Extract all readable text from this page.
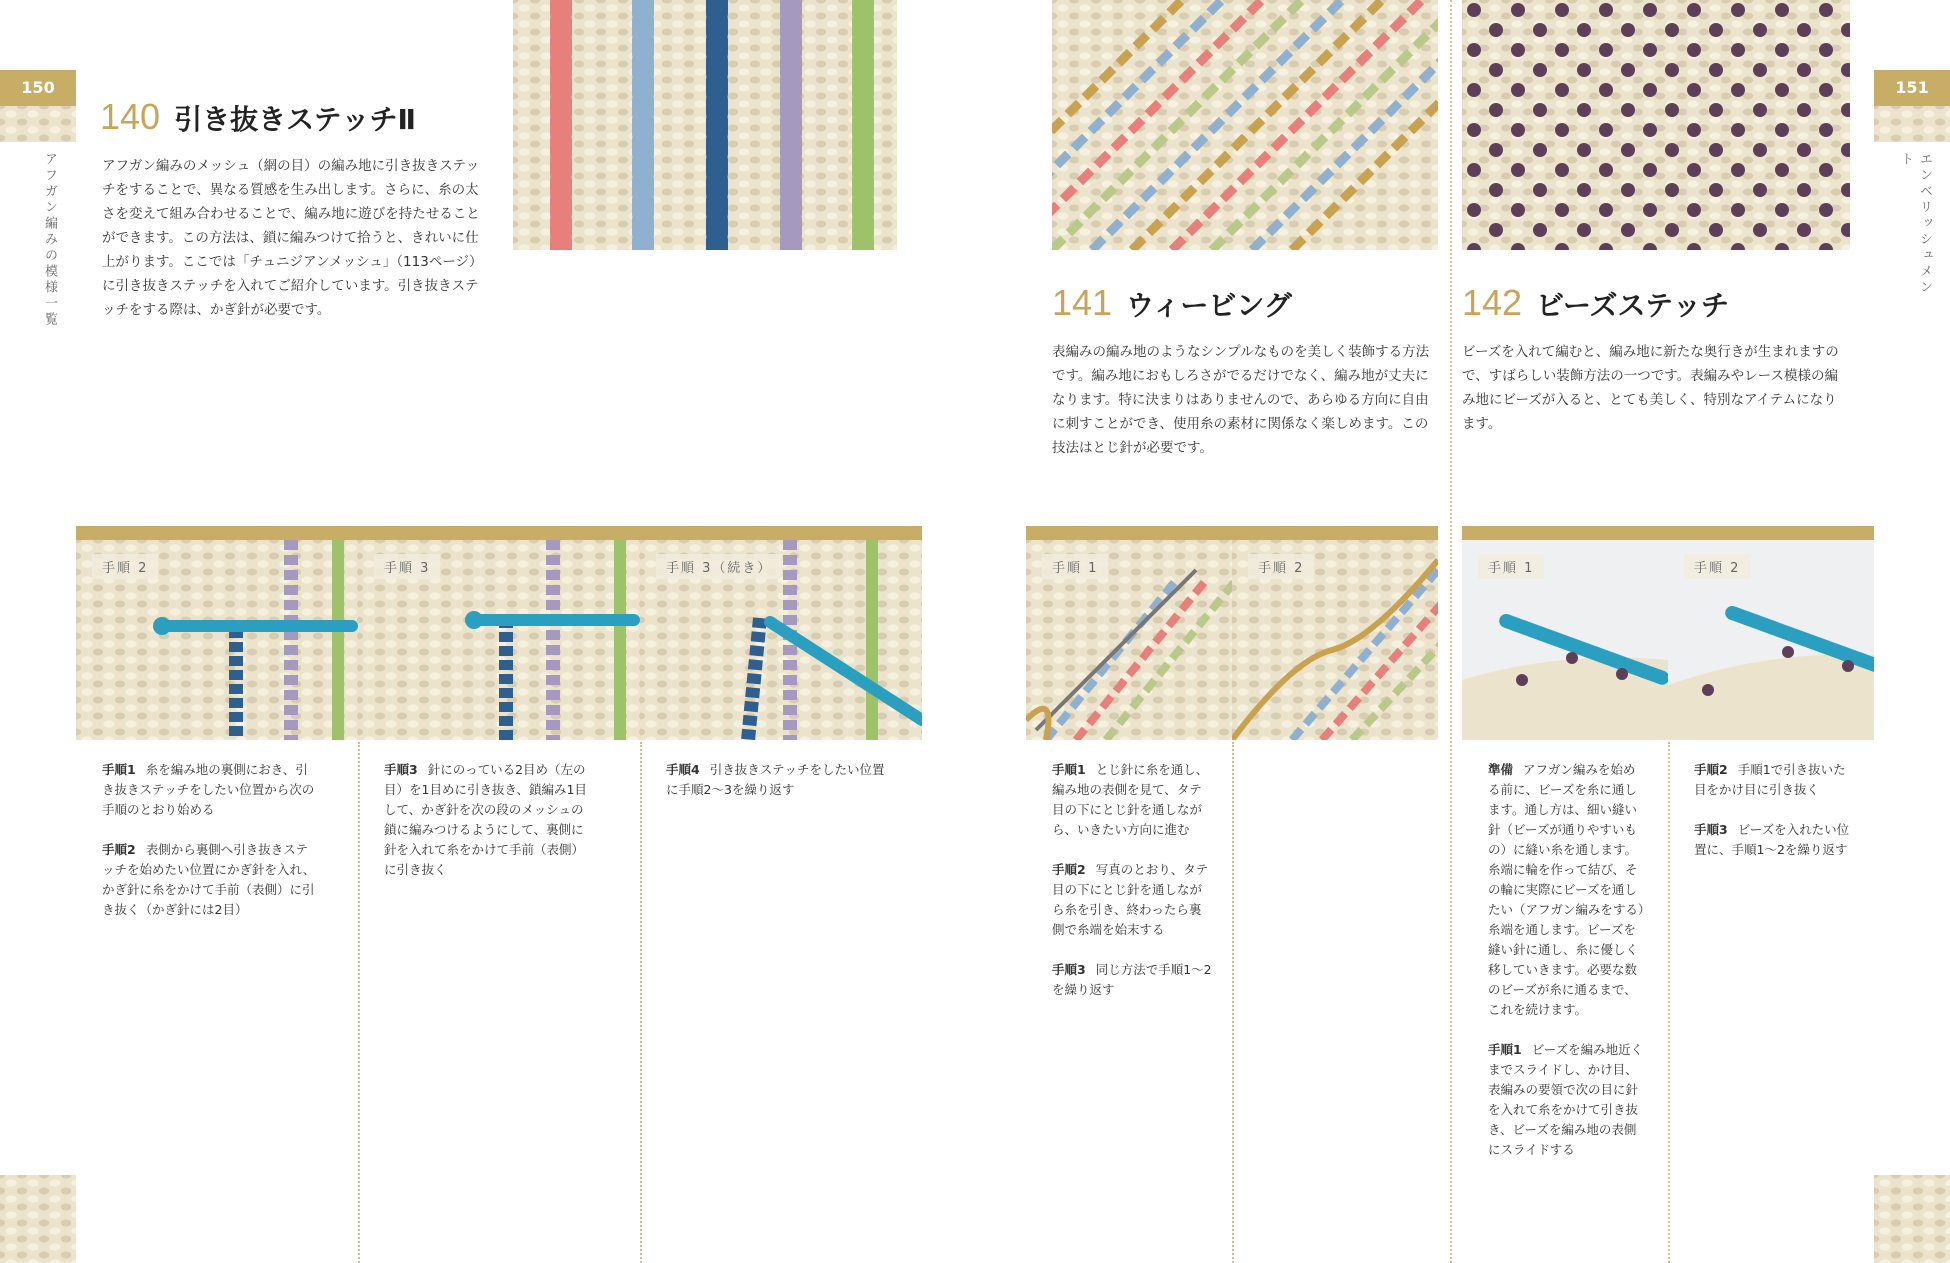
150
アフガン編みの模様一覧
140 引き抜きステッチⅡ
アフガン編みのメッシュ（網の目）の編み地に引き抜きステッチをすることで、異なる質感を生み出します。さらに、糸の太さを変えて組み合わせることで、編み地に遊びを持たせることができます。この方法は、鎖に編みつけて拾うと、きれいに仕上がります。ここでは「チュニジアンメッシュ」（113ページ）に引き抜きステッチを入れてご紹介しています。引き抜きステッチをする際は、かぎ針が必要です。
手順 2	手順 3	手順 3（続き）

手順1 糸を編み地の裏側におき、引き抜きステッチをしたい位置から次の手順のとおり始める

手順2 表側から裏側へ引き抜きステッチを始めたい位置にかぎ針を入れ、かぎ針に糸をかけて手前（表側）に引き抜く（かぎ針には2目）

手順3 針にのっている2目め（左の目）を1目めに引き抜き、鎖編み1目して、かぎ針を次の段のメッシュの鎖に編みつけるようにして、裏側に針を入れて糸をかけて手前（表側）に引き抜く

手順4 引き抜きステッチをしたい位置に手順2～3を繰り返す

151
エンベリッシュメント
141 ウィービング
表編みの編み地のようなシンプルなものを美しく装飾する方法です。編み地におもしろさがでるだけでなく、編み地が丈夫になります。特に決まりはありませんので、あらゆる方向に自由に刺すことができ、使用糸の素材に関係なく楽しめます。この技法はとじ針が必要です。
142 ビーズステッチ
ビーズを入れて編むと、編み地に新たな奥行きが生まれますので、すばらしい装飾方法の一つです。表編みやレース模様の編み地にビーズが入ると、とても美しく、特別なアイテムになります。
手順 1	手順 2	手順 1	手順 2

手順1 とじ針に糸を通し、編み地の表側を見て、タテ目の下にとじ針を通しながら、いきたい方向に進む

手順2 写真のとおり、タテ目の下にとじ針を通しながら糸を引き、終わったら裏側で糸端を始末する

手順3 同じ方法で手順1～2を繰り返す

準備 アフガン編みを始める前に、ビーズを糸に通します。通し方は、細い縫い針（ビーズが通りやすいもの）に縫い糸を通します。糸端に輪を作って結び、その輪に実際にビーズを通したい（アフガン編みをする）糸端を通します。ビーズを縫い針に通し、糸に優しく移していきます。必要な数のビーズが糸に通るまで、これを続けます。

手順1 ビーズを編み地近くまでスライドし、かけ目、表編みの要領で次の目に針を入れて糸をかけて引き抜き、ビーズを編み地の表側にスライドする

手順2 手順1で引き抜いた目をかけ目に引き抜く

手順3 ビーズを入れたい位置に、手順1～2を繰り返す
